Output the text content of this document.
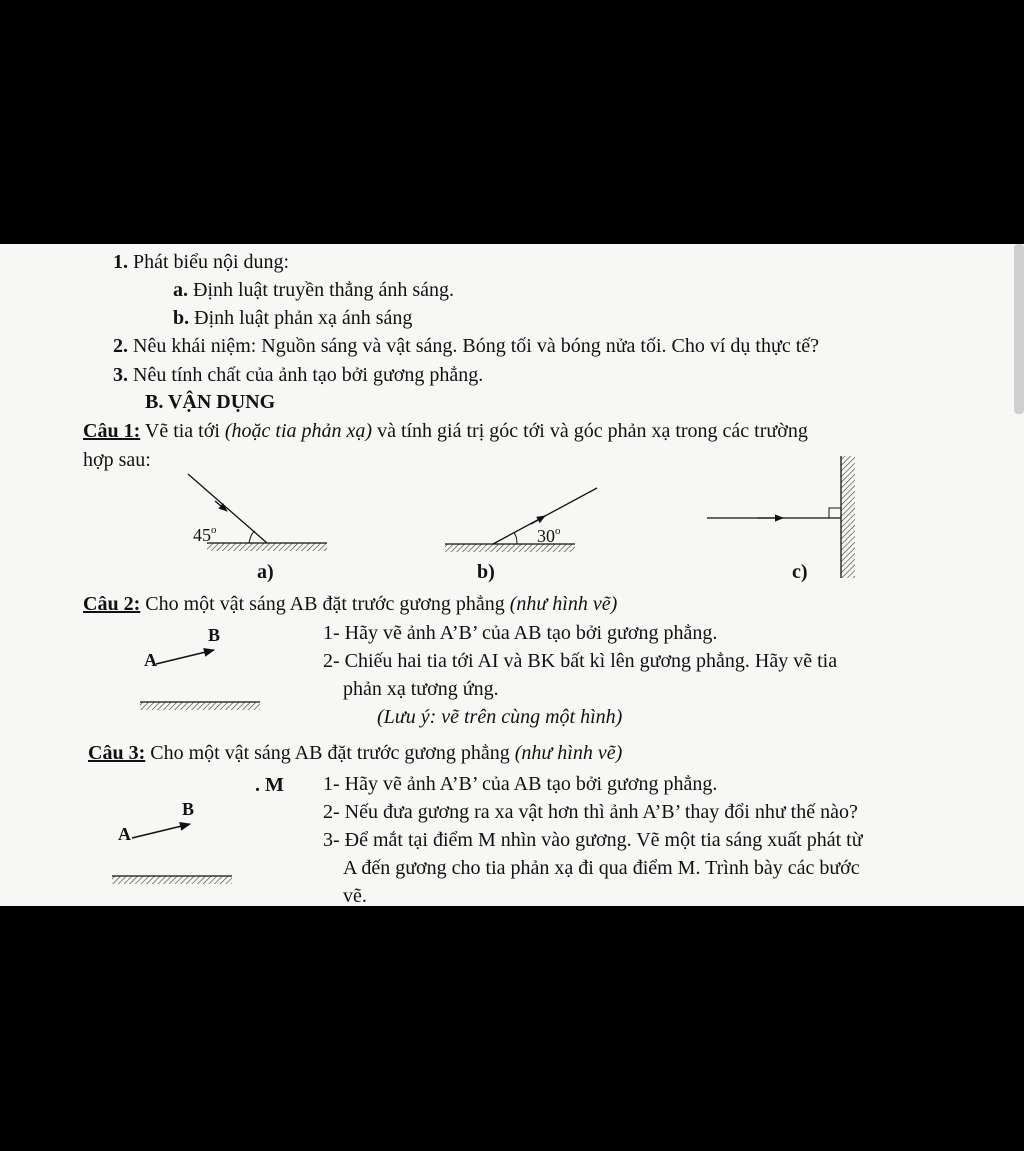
1. Phát biểu nội dung:
a. Định luật truyền thẳng ánh sáng.
b. Định luật phản xạ ánh sáng
2. Nêu khái niệm: Nguồn sáng và vật sáng. Bóng tối và bóng nửa tối. Cho ví dụ thực tế?
3. Nêu tính chất của ảnh tạo bởi gương phẳng.
B. VẬN DỤNG
Câu 1: Vẽ tia tới (hoặc tia phản xạ) và tính giá trị góc tới và góc phản xạ trong các trường
hợp sau:
45$^o$
a)
30$^o$
b)	c)
Câu 2: Cho một vật sáng AB đặt trước gương phẳng (như hình vẽ)
A
B	1- Hãy vẽ ảnh A’B’ của AB tạo bởi gương phẳng.
2- Chiếu hai tia tới AI và BK bất kì lên gương phẳng. Hãy vẽ tia
phản xạ tương ứng.
(Lưu ý: vẽ trên cùng một hình)
Câu 3: Cho một vật sáng AB đặt trước gương phẳng (như hình vẽ)
. M
A
B
1- Hãy vẽ ảnh A’B’ của AB tạo bởi gương phẳng.
2- Nếu đưa gương ra xa vật hơn thì ảnh A’B’ thay đổi như thế nào?
3- Để mắt tại điểm M nhìn vào gương. Vẽ một tia sáng xuất phát từ
A đến gương cho tia phản xạ đi qua điểm M. Trình bày các bước
vẽ.
